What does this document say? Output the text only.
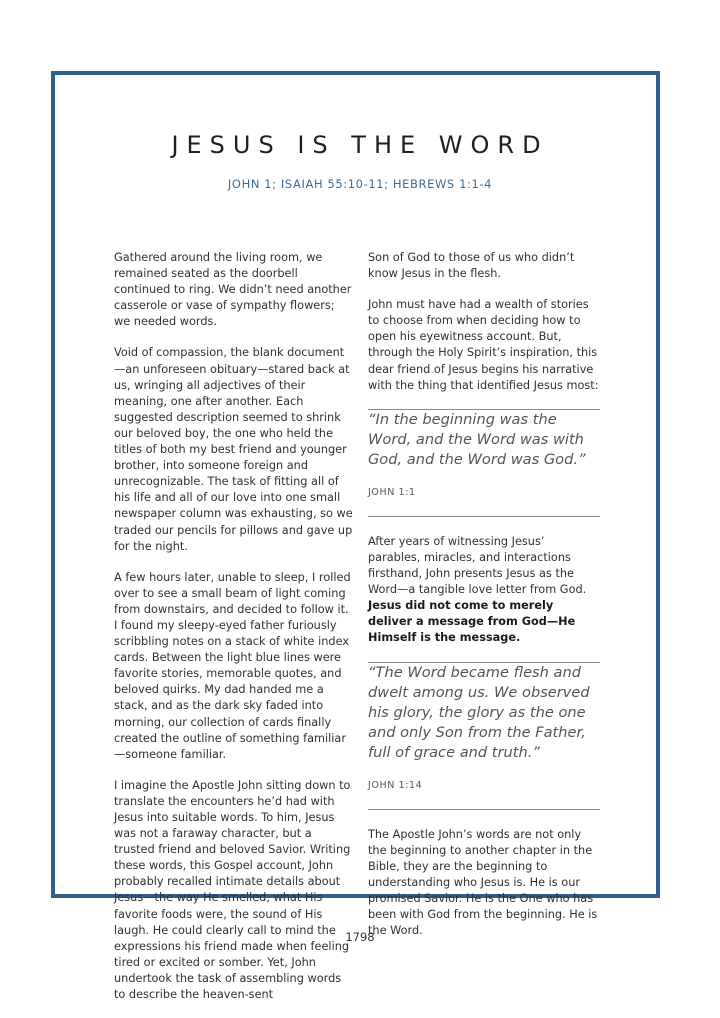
JESUS IS THE WORD
JOHN 1; ISAIAH 55:10-11; HEBREWS 1:1-4

Gathered around the living room, we remained seated as the doorbell continued to ring. We didn’t need another casserole or vase of sympathy flowers; we needed words.

Void of compassion, the blank document—an unforeseen obituary—stared back at us, wringing all adjectives of their meaning, one after another. Each suggested description seemed to shrink our beloved boy, the one who held the titles of both my best friend and younger brother, into someone foreign and unrecognizable. The task of fitting all of his life and all of our love into one small newspaper column was exhausting, so we traded our pencils for pillows and gave up for the night.

A few hours later, unable to sleep, I rolled over to see a small beam of light coming from downstairs, and decided to follow it. I found my sleepy-eyed father furiously scribbling notes on a stack of white index cards. Between the light blue lines were favorite stories, memorable quotes, and beloved quirks. My dad handed me a stack, and as the dark sky faded into morning, our collection of cards finally created the outline of something familiar—someone familiar.

I imagine the Apostle John sitting down to translate the encounters he’d had with Jesus into suitable words. To him, Jesus was not a faraway character, but a trusted friend and beloved Savior. Writing these words, this Gospel account, John probably recalled intimate details about Jesus—the way He smelled, what His favorite foods were, the sound of His laugh. He could clearly call to mind the expressions his friend made when feeling tired or excited or somber. Yet, John undertook the task of assembling words to describe the heaven-sent

Son of God to those of us who didn’t know Jesus in the flesh.

John must have had a wealth of stories to choose from when deciding how to open his eyewitness account. But, through the Holy Spirit’s inspiration, this dear friend of Jesus begins his narrative with the thing that identified Jesus most:

“In the beginning was the Word, and the Word was with God, and the Word was God.”

JOHN 1:1

After years of witnessing Jesus’ parables, miracles, and interactions firsthand, John presents Jesus as the Word—a tangible love letter from God. Jesus did not come to merely deliver a message from God—He Himself is the message.

“The Word became flesh and dwelt among us. We observed his glory, the glory as the one and only Son from the Father, full of grace and truth.”

JOHN 1:14

The Apostle John’s words are not only the beginning to another chapter in the Bible, they are the beginning to understanding who Jesus is. He is our promised Savior. He is the One who has been with God from the beginning. He is the Word.

1798
